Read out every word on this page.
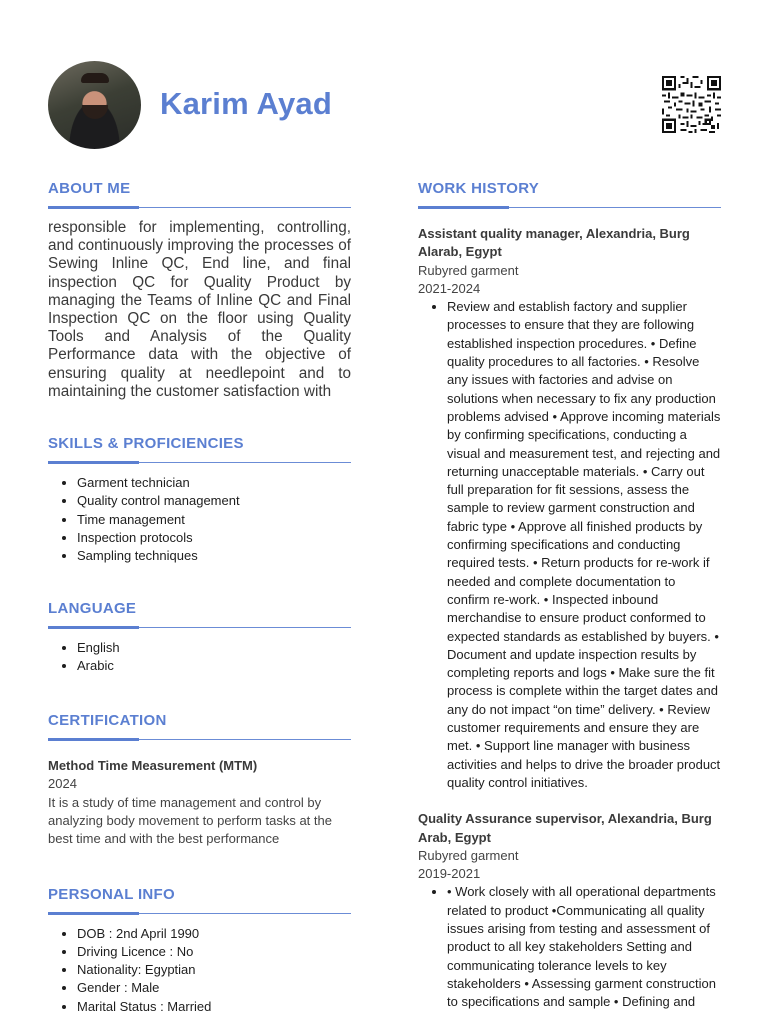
Karim Ayad
ABOUT ME

responsible for implementing, controlling, and continuously improving the processes of Sewing Inline QC, End line, and final inspection QC for Quality Product by managing the Teams of Inline QC and Final Inspection QC on the floor using Quality Tools and Analysis of the Quality Performance data with the objective of ensuring quality at needlepoint and to maintaining the customer satisfaction with

SKILLS & PROFICIENCIES
• Garment technician
• Quality control management
• Time management
• Inspection protocols
• Sampling techniques
LANGUAGE
• English
• Arabic
CERTIFICATION

Method Time Measurement (MTM)

2024

It is a study of time management and control by analyzing body movement to perform tasks at the best time and with the best performance

PERSONAL INFO
• DOB : 2nd April 1990
• Driving Licence : No
• Nationality: Egyptian
• Gender : Male
• Marital Status : Married
WORK HISTORY

Assistant quality manager, Alexandria, Burg Alarab, Egypt

Rubyred garment

2021-2024

• Review and establish factory and supplier processes to ensure that they are following established inspection procedures. • Define quality procedures to all factories. • Resolve any issues with factories and advise on solutions when necessary to fix any production problems advised • Approve incoming materials by confirming specifications, conducting a visual and measurement test, and rejecting and returning unacceptable materials. • Carry out full preparation for fit sessions, assess the sample to review garment construction and fabric type • Approve all finished products by confirming specifications and conducting required tests. • Return products for re-work if needed and complete documentation to confirm re-work. • Inspected inbound merchandise to ensure product conformed to expected standards as established by buyers. • Document and update inspection results by completing reports and logs • Make sure the fit process is complete within the target dates and any do not impact “on time” delivery. • Review customer requirements and ensure they are met. • Support line manager with business activities and helps to drive the broader product quality control initiatives.

Quality Assurance supervisor, Alexandria, Burg Arab, Egypt

Rubyred garment

2019-2021

• • Work closely with all operational departments related to product •Communicating all quality issues arising from testing and assessment of product to all key stakeholders Setting and communicating tolerance levels to key stakeholders • Assessing garment construction to specifications and sample • Defining and
